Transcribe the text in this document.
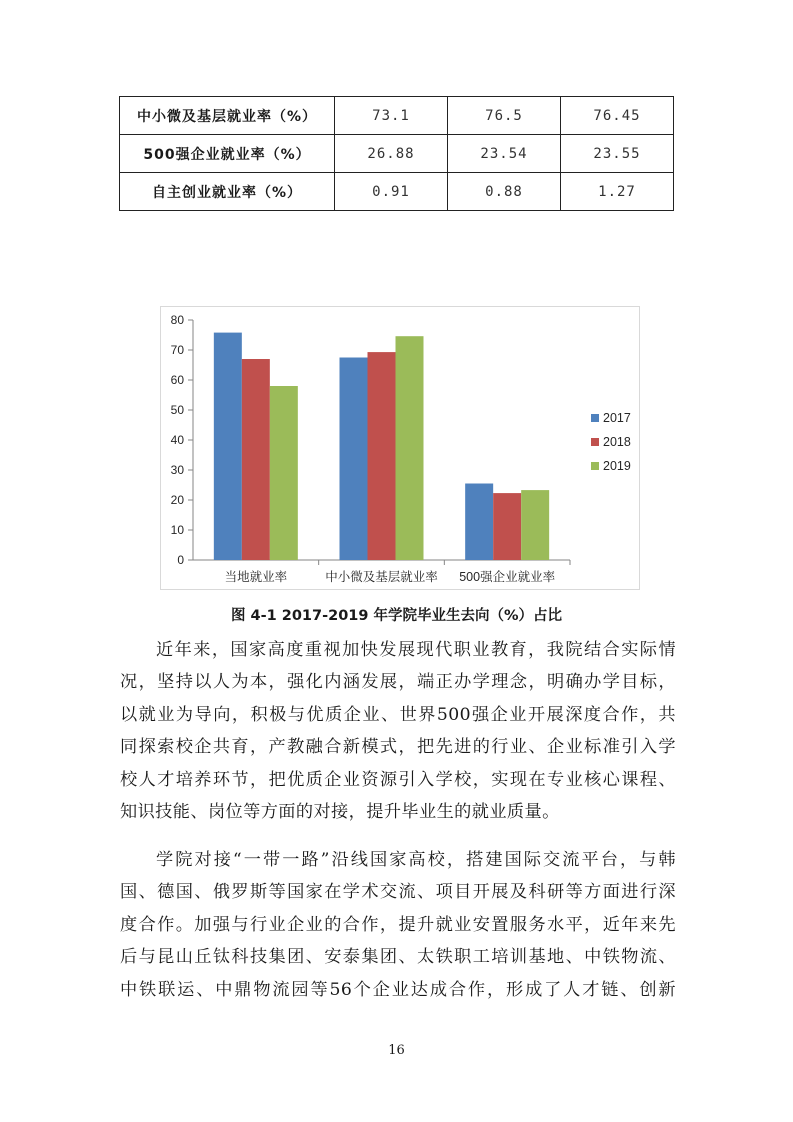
中小微及基层就业率（%）	73.1	76.5	76.45
500强企业就业率（%）	26.88	23.54	23.55
自主创业就业率（%）	0.91	0.88	1.27
0
10
20
30
40
50
60
70
80
当地就业率	中小微及基层就业率 500强企业就业率
2017
2018
2019
图 4-1 2017-2019 年学院毕业生去向（%）占比
近年来，国家高度重视加快发展现代职业教育，我院结合实际情
况，坚持以人为本，强化内涵发展，端正办学理念，明确办学目标，
以就业为导向，积极与优质企业、世界500强企业开展深度合作，共
同探索校企共育，产教融合新模式，把先进的行业、企业标准引入学
校人才培养环节，把优质企业资源引入学校，实现在专业核心课程、
知识技能、岗位等方面的对接，提升毕业生的就业质量。
学院对接“一带一路”沿线国家高校，搭建国际交流平台，与韩
国、德国、俄罗斯等国家在学术交流、项目开展及科研等方面进行深
度合作。加强与行业企业的合作，提升就业安置服务水平，近年来先
后与昆山丘钛科技集团、安泰集团、太铁职工培训基地、中铁物流、
中铁联运、中鼎物流园等56个企业达成合作，形成了人才链、创新
16
